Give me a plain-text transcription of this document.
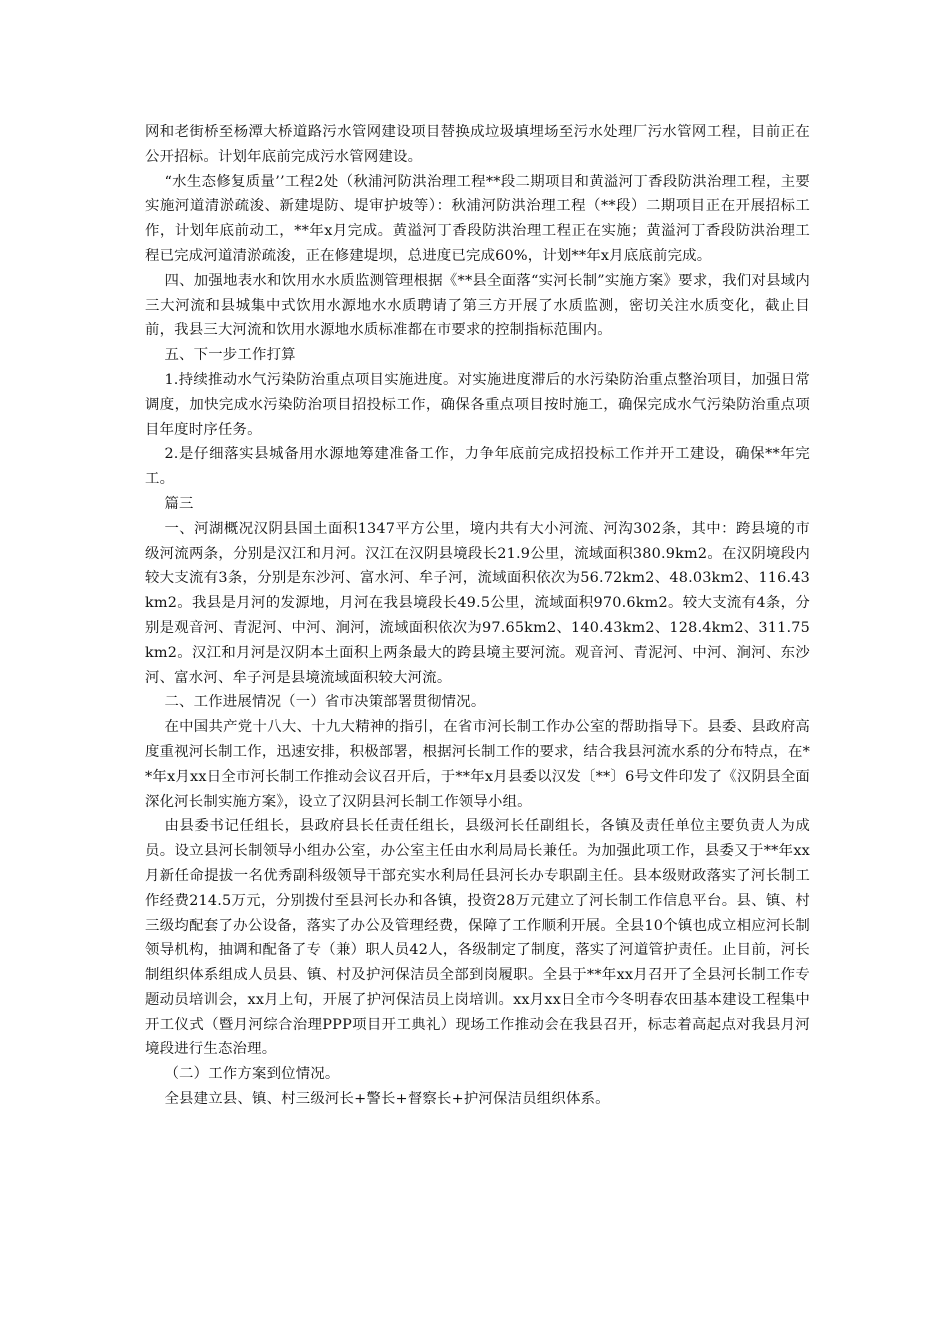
网和老街桥至杨潭大桥道路污水管网建设项目替换成垃圾填埋场至污水处理厂污水管网工程，目前正在公开招标。计划年底前完成污水管网建设。

“水生态修复质量’’工程2处（秋浦河防洪治理工程**段二期项目和黄溢河丁香段防洪治理工程，主要实施河道清淤疏浚、新建堤防、堤审护坡等）：秋浦河防洪治理工程（**段）二期项目正在开展招标工作，计划年底前动工，**年x月完成。黄溢河丁香段防洪治理工程正在实施；黄溢河丁香段防洪治理工程已完成河道清淤疏浚，正在修建堤坝，总进度已完成60%，计划**年x月底底前完成。

四、加强地表水和饮用水水质监测管理根据《**县全面落“实河长制”实施方案》要求，我们对县域内三大河流和县城集中式饮用水源地水水质聘请了第三方开展了水质监测，密切关注水质变化，截止目前，我县三大河流和饮用水源地水质标准都在市要求的控制指标范围内。

五、下一步工作打算

1.持续推动水气污染防治重点项目实施进度。对实施进度滞后的水污染防治重点整治项目，加强日常调度，加快完成水污染防治项目招投标工作，确保各重点项目按时施工，确保完成水气污染防治重点项目年度时序任务。

2.是仔细落实县城备用水源地筹建准备工作，力争年底前完成招投标工作并开工建设，确保**年完工。

篇三

一、河湖概况汉阴县国土面积1347平方公里，境内共有大小河流、河沟302条，其中：跨县境的市级河流两条，分别是汉江和月河。汉江在汉阴县境段长21.9公里，流域面积380.9km2。在汉阴境段内较大支流有3条，分别是东沙河、富水河、牟子河，流域面积依次为56.72km2、48.03km2、116.43km2。我县是月河的发源地，月河在我县境段长49.5公里，流域面积970.6km2。较大支流有4条，分别是观音河、青泥河、中河、涧河，流域面积依次为97.65km2、140.43km2、128.4km2、311.75km2。汉江和月河是汉阴本土面积上两条最大的跨县境主要河流。观音河、青泥河、中河、涧河、东沙河、富水河、牟子河是县境流域面积较大河流。

二、工作进展情况（一）省市决策部署贯彻情况。

在中国共产党十八大、十九大精神的指引，在省市河长制工作办公室的帮助指导下。县委、县政府高度重视河长制工作，迅速安排，积极部署，根据河长制工作的要求，结合我县河流水系的分布特点，在**年x月xx日全市河长制工作推动会议召开后，于**年x月县委以汉发〔**〕6号文件印发了《汉阴县全面深化河长制实施方案》，设立了汉阴县河长制工作领导小组。

由县委书记任组长，县政府县长任责任组长，县级河长任副组长，各镇及责任单位主要负责人为成员。设立县河长制领导小组办公室，办公室主任由水利局局长兼任。为加强此项工作，县委又于**年xx月新任命提拔一名优秀副科级领导干部充实水利局任县河长办专职副主任。县本级财政落实了河长制工作经费214.5万元，分别拨付至县河长办和各镇，投资28万元建立了河长制工作信息平台。县、镇、村三级均配套了办公设备，落实了办公及管理经费，保障了工作顺利开展。全县10个镇也成立相应河长制领导机构，抽调和配备了专（兼）职人员42人，各级制定了制度，落实了河道管护责任。止目前，河长制组织体系组成人员县、镇、村及护河保洁员全部到岗履职。全县于**年xx月召开了全县河长制工作专题动员培训会，xx月上旬，开展了护河保洁员上岗培训。xx月xx日全市今冬明春农田基本建设工程集中开工仪式（暨月河综合治理PPP项目开工典礼）现场工作推动会在我县召开，标志着高起点对我县月河境段进行生态治理。

（二）工作方案到位情况。

全县建立县、镇、村三级河长+警长+督察长+护河保洁员组织体系。
